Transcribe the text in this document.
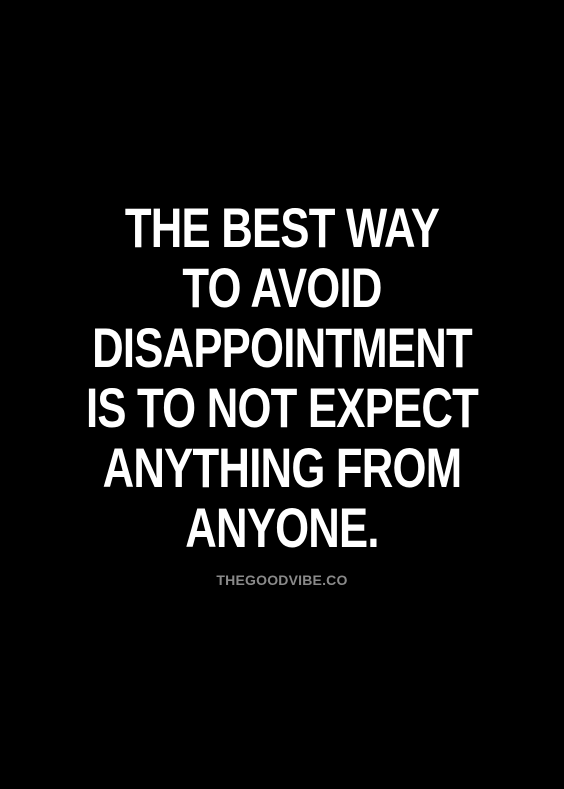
THE BEST WAY
TO AVOID
DISAPPOINTMENT
IS TO NOT EXPECT
ANYTHING FROM
ANYONE.
THEGOODVIBE.CO
